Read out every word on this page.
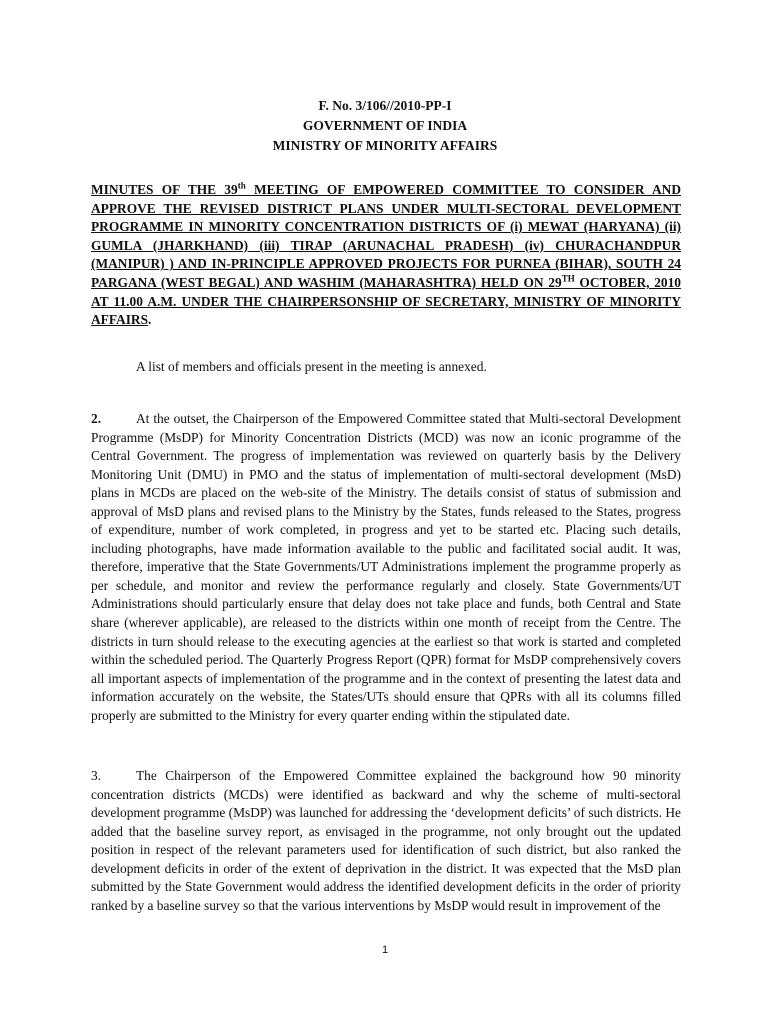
F. No. 3/106//2010-PP-I
GOVERNMENT OF INDIA
MINISTRY OF MINORITY AFFAIRS

MINUTES OF THE 39th MEETING OF EMPOWERED COMMITTEE TO CONSIDER AND APPROVE THE REVISED DISTRICT PLANS UNDER MULTI-SECTORAL DEVELOPMENT PROGRAMME IN MINORITY CONCENTRATION DISTRICTS OF (i) MEWAT (HARYANA) (ii) GUMLA (JHARKHAND) (iii) TIRAP (ARUNACHAL PRADESH) (iv) CHURACHANDPUR (MANIPUR) ) AND IN-PRINCIPLE APPROVED PROJECTS FOR PURNEA (BIHAR), SOUTH 24 PARGANA (WEST BEGAL) AND WASHIM (MAHARASHTRA) HELD ON 29TH OCTOBER, 2010 AT 11.00 A.M. UNDER THE CHAIRPERSONSHIP OF SECRETARY, MINISTRY OF MINORITY AFFAIRS.

A list of members and officials present in the meeting is annexed.

2.	At the outset, the Chairperson of the Empowered Committee stated that Multi-sectoral Development Programme (MsDP) for Minority Concentration Districts (MCD) was now an iconic programme of the Central Government. The progress of implementation was reviewed on quarterly basis by the Delivery Monitoring Unit (DMU) in PMO and the status of implementation of multi-sectoral development (MsD) plans in MCDs are placed on the web-site of the Ministry. The details consist of status of submission and approval of MsD plans and revised plans to the Ministry by the States, funds released to the States, progress of expenditure, number of work completed, in progress and yet to be started etc. Placing such details, including photographs, have made information available to the public and facilitated social audit. It was, therefore, imperative that the State Governments/UT Administrations implement the programme properly as per schedule, and monitor and review the performance regularly and closely. State Governments/UT Administrations should particularly ensure that delay does not take place and funds, both Central and State share (wherever applicable), are released to the districts within one month of receipt from the Centre. The districts in turn should release to the executing agencies at the earliest so that work is started and completed within the scheduled period. The Quarterly Progress Report (QPR) format for MsDP comprehensively covers all important aspects of implementation of the programme and in the context of presenting the latest data and information accurately on the website, the States/UTs should ensure that QPRs with all its columns filled properly are submitted to the Ministry for every quarter ending within the stipulated date.

3.	The Chairperson of the Empowered Committee explained the background how 90 minority concentration districts (MCDs) were identified as backward and why the scheme of multi-sectoral development programme (MsDP) was launched for addressing the ‘development deficits’ of such districts. He added that the baseline survey report, as envisaged in the programme, not only brought out the updated position in respect of the relevant parameters used for identification of such district, but also ranked the development deficits in order of the extent of deprivation in the district. It was expected that the MsD plan submitted by the State Government would address the identified development deficits in the order of priority ranked by a baseline survey so that the various interventions by MsDP would result in improvement of the

1
